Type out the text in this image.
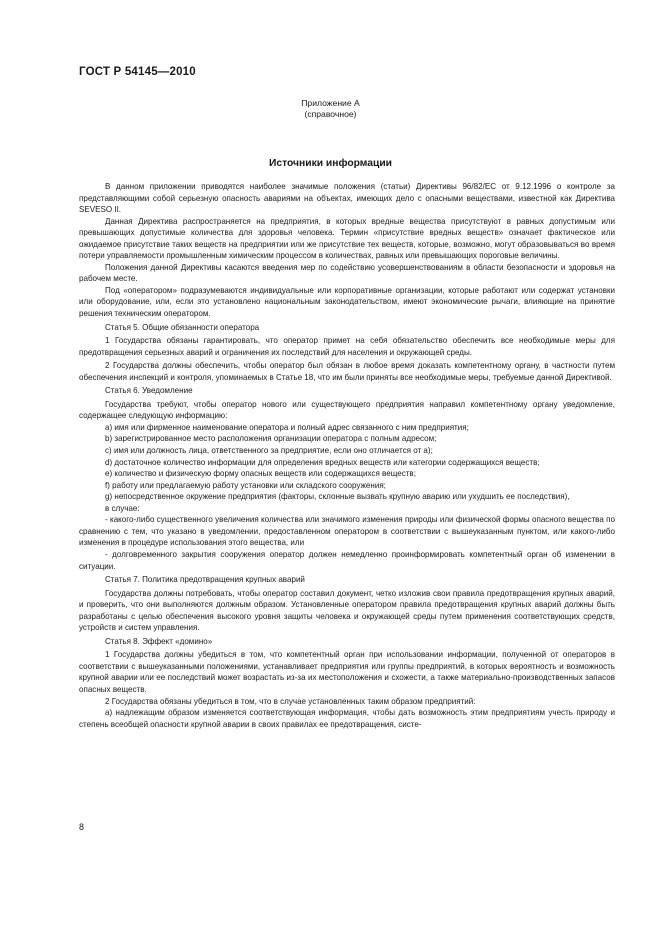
ГОСТ Р 54145—2010
Приложение А
(справочное)
Источники информации

В данном приложении приводятся наиболее значимые положения (статьи) Директивы 96/82/ЕС от 9.12.1996 о контроле за представляющими собой серьезную опасность авариями на объектах, имеющих дело с опасными веществами, известной как Директива SEVESO II.

Данная Директива распространяется на предприятия, в которых вредные вещества присутствуют в равных допустимым или превышающих допустимые количества для здоровья человека. Термин «присутствие вредных веществ» означает фактическое или ожидаемое присутствие таких веществ на предприятии или же присутствие тех веществ, которые, возможно, могут образовываться во время потери управляемости промышленным химическим процессом в количествах, равных или превышающих пороговые величины.

Положения данной Директивы касаются введения мер по содействию усовершенствованиям в области безопасности и здоровья на рабочем месте.

Под «оператором» подразумеваются индивидуальные или корпоративные организации, которые работают или содержат установки или оборудование, или, если это установлено национальным законодательством, имеют экономические рычаги, влияющие на принятие решения техническим оператором.

Статья 5. Общие обязанности оператора

1 Государства обязаны гарантировать, что оператор примет на себя обязательство обеспечить все необходимые меры для предотвращения серьезных аварий и ограничения их последствий для населения и окружающей среды.

2 Государства должны обеспечить, чтобы оператор был обязан в любое время доказать компетентному органу, в частности путем обеспечения инспекций и контроля, упоминаемых в Статье 18, что им были приняты все необходимые меры, требуемые данной Директивой.

Статья 6. Уведомление

Государства требуют, чтобы оператор нового или существующего предприятия направил компетентному органу уведомление, содержащее следующую информацию:

a) имя или фирменное наименование оператора и полный адрес связанного с ним предприятия;

b) зарегистрированное место расположения организации оператора с полным адресом;

c) имя или должность лица, ответственного за предприятие, если оно отличается от a);

d) достаточное количество информации для определения вредных веществ или категории содержащихся веществ;

e) количество и физическую форму опасных веществ или содержащихся веществ;

f) работу или предлагаемую работу установки или складского сооружения;

g) непосредственное окружение предприятия (факторы, склонные вызвать крупную аварию или ухудшить ее последствия),

в случае:

- какого-либо существенного увеличения количества или значимого изменения природы или физической формы опасного вещества по сравнению с тем, что указано в уведомлении, предоставленном оператором в соответствии с вышеуказанным пунктом, или какого-либо изменения в процедуре использования этого вещества, или

- долговременного закрытия сооружения оператор должен немедленно проинформировать компетентный орган об изменении в ситуации.

Статья 7. Политика предотвращения крупных аварий

Государства должны потребовать, чтобы оператор составил документ, четко изложив свои правила предотвращения крупных аварий, и проверить, что они выполняются должным образом. Установленные оператором правила предотвращения крупных аварий должны быть разработаны с целью обеспечения высокого уровня защиты человека и окружающей среды путем применения соответствующих средств, устройств и систем управления.

Статья 8. Эффект «домино»

1 Государства должны убедиться в том, что компетентный орган при использовании информации, полученной от операторов в соответствии с вышеуказанными положениями, устанавливает предприятия или группы предприятий, в которых вероятность и возможность крупной аварии или ее последствий может возрастать из-за их местоположения и схожести, а также материально-производственных запасов опасных веществ.

2 Государства обязаны убедиться в том, что в случае установленных таким образом предприятий:

а) надлежащим образом изменяется соответствующая информация, чтобы дать возможность этим предприятиям учесть природу и степень всеобщей опасности крупной аварии в своих правилах ее предотвращения, систе-

8
